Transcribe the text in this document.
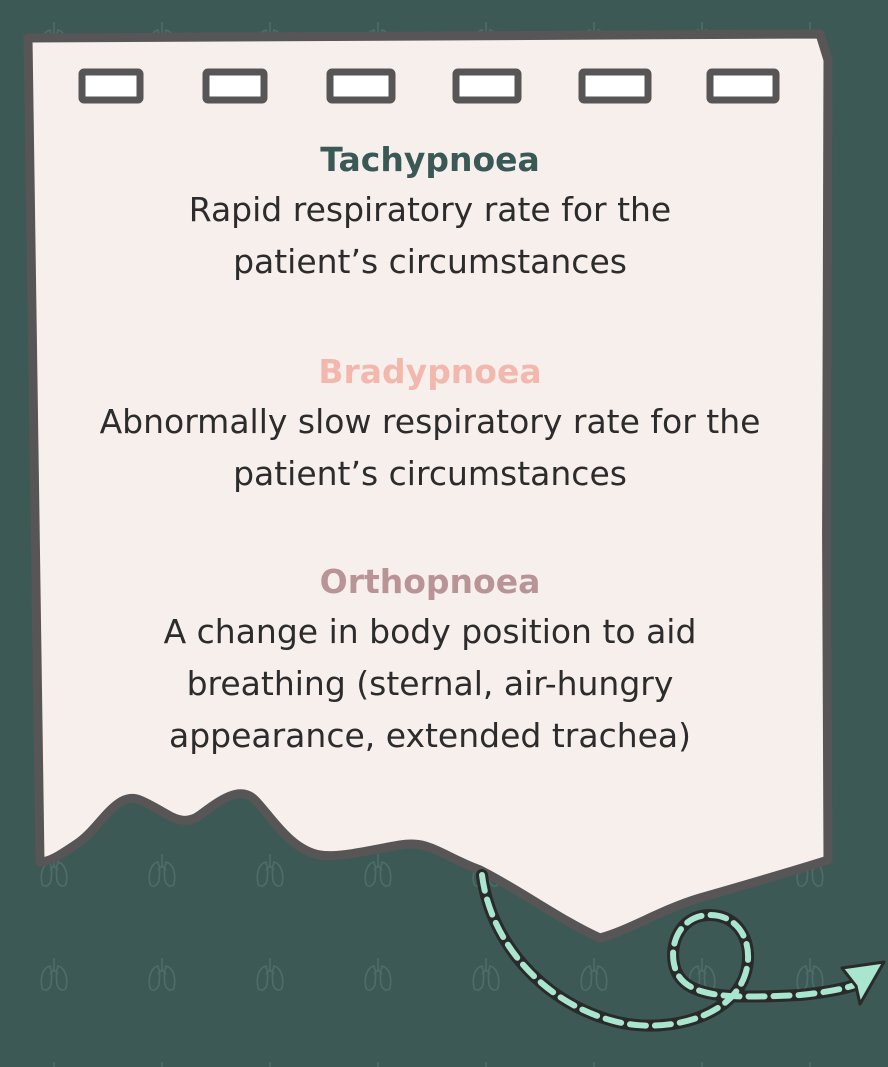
Tachypnoea

Rapid respiratory rate for the patient’s circumstances

Bradypnoea

Abnormally slow respiratory rate for the patient’s circumstances

Orthopnoea

A change in body position to aid breathing (sternal, air-hungry appearance, extended trachea)
